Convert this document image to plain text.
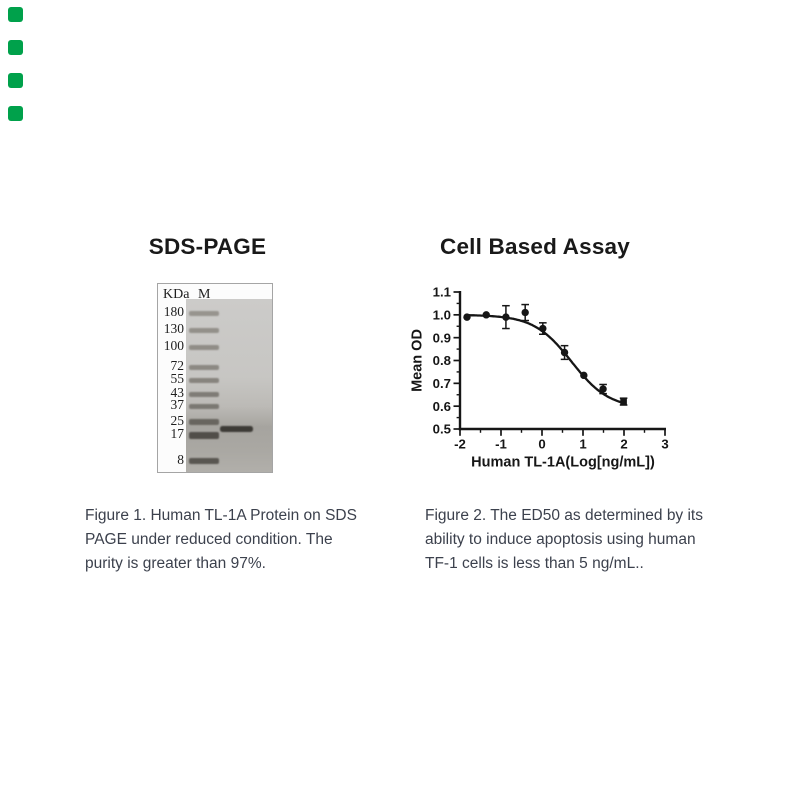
SDS-PAGE
KDa M
180
130
100
72
55
43
37
25
17
8
Cell Based Assay
0.5
0.6
0.7
0.8
0.9
1.0
1.1
-2 -1 0	1	2	3
Human TL-1A(Log[ng/mL])
Mean OD

Figure 1. Human TL-1A Protein on SDS
PAGE under reduced condition. The
purity is greater than 97%.

Figure 2. The ED50 as determined by its
ability to induce apoptosis using human
TF-1 cells is less than 5 ng/mL..
